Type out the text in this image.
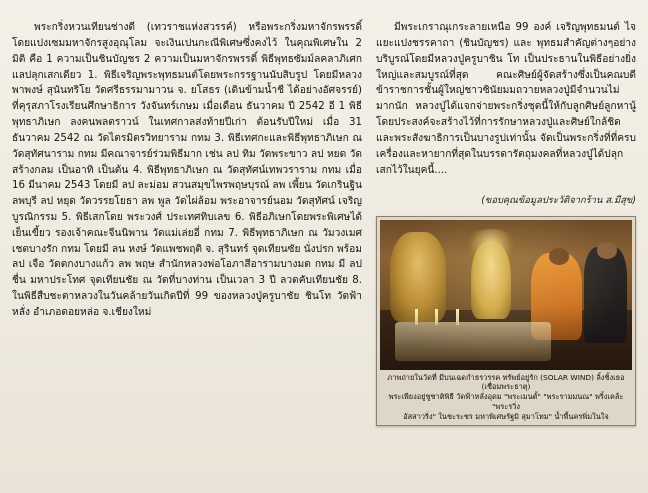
พระกริ่งหวนเทียนช่างดี (เทวราชแห่งสวรรค์) หรือพระกริ่งมหาจักรพรรดิ์โดยแปงเซมมหาจักรสูงอุณุโลม จะเงินเปนกะณีพิเศษซึ่งคงไว้ ในคุณพิเศษใน 2 มิติ คือ 1 ความเป็นชินบัญชร 2 ความเป็นมหาจักรพรรดิ์ พิธีพุทธซัมม์ลคลาภิเศกแลปลุกเสกเดียว 1. พิธีเจริญพระพุทธมนต์โดยพระกรรฐานนับสิบรูป โดยมีหลวงพาพงษ์ สุนันทริโย วัดศรีธรรมามาวน จ. ยโสธร (เดินข้ามน้ำชี ได้อย่างอัศจรรย์) ที่คุรุสภาโรงเรียนศึกษาธิการ วังจันทร์เกษม เมื่อเดือน ธันวาคม ปี 2542 อี 1 พิธี พุทธาภิเษก ลงคนพลตราวน์ ในเทศกาลส่งท้ายปีเก่า ต้อนรับปีใหม่ เมื่อ 31 ธันวาคม 2542 ณ วัดไตรมิตรวิทยาราม กทม 3. พิธีเทศกะและพิธีพุทธาภิเษก ณ วัดสุทัศนาราม กทม มีคณาจารย์ร่วมพิธีมาก เช่น ลป ทิม วัดพระขาว ลป หยด วัดสร้างกลม เป็นอาทิ เป็นต้น 4. พิธีพุทธาภิเษก ณ วัดสุทัศน์เทพวราราม กทม เมื่อ 16 มีนาคม 2543 โดยมี ลป ละม่อม สวนสมุขไพรพฤษบุรณ์ ลพ เพี้ยน วัดเกรินฐิน ลพบุรี ลป หยุด วัดวรรยโยธา ลพ พูล วัดไผ่ล้อม พระอาจารย์นอม วัดสุทัศน์ เจริญบูรณิกรรม 5. พิธีเสกโดย พระวงศ์ ประเทศทิบเลข 6. พิธีอภิเษกโดยพระพิเศษได้ เย็นเขี้ยว รองเจ้าคณะจีนนิพาน วัดแม่เล่ยอี่ กทม 7. พิธีพุทธาภิเษก ณ วัมวงเมศ เชตบางรัก กทม โดยมี ลน หงษ์ วัดแพชพฤติ จ. สุรินทร์ จุดเทียนซัย นั่งปรก พร้อม ลป เจือ วัดดกงบางแก้ว ลพ พฤษ สำนักหลวงพ่อโอภาสีอารามบางมด กทม มี ลป ชื่น มหาประโทศ จุดเทียนชัย ณ วัดที่บางท่าน เป็นเวลา 3 ปี ลวดคับเทียนชัย 8. ในพิธีสืบชะตาหลวงในวันคล้ายวันเกิดปีที่ 99 ของหลวงปู่ครูบาชัย ชินโท วัดฟ้าหลั่ง อำเภอดอยหล่อ จ.เชียงใหม่

มีพระเกราณุเกระลายเหนือ 99 องค์ เจริญพุทธมนต์ ไจแยะแปงชรรคาถา (ชินบัญชร) และ พุทธมสำคัญต่างๆอย่างบริบูรณ์โดยมีหลวงปู่ครูบาชิน โท เป็นประธานในพิธีอย่างยิ่งใหญ่และสมบูรณ์ที่สุด คณะศิษย์ผู้จัดสร้างซึ่งเป็นคณบดีข้าราชการชั้นผู้ใหญ่ชาวซินัยมมถวายหลวงปู่มีจำนวนไม่มากนัก หลวงปู่ได้แจกจ่ายพระกริ่งชุดนี้ให้กับลูกศิษย์ลูกหานู้ โดยประสงค์จะสร้างไว้ที่การรักษาหลวงปู่และศิษย์ใกล้ชิดและพระสังฆาธิการเป็นบางรูปเท่านั้น จัดเป็นพระกริ่งที่ที่ครบเครื่องและหายากที่สุดในบรรดารัตถุมงคลที่หลวงปู่ได้ปลุกเสกไว้ในยุคนี้....

(ขอบคุณข้อมูลประวัติจากร้าน ส.มีสุข)
ภาพถ่ายในวัดที่ มีบนเฉดกำธรวรรค ทรัพย์อยู่รัก (SOLAR WIND) ลิ้งชิ้งเธอ (เชื่อมพระธาตุ)
พระเพียงอยู่ชูชาติพิธี วัดฟ้าหลั่งอุดม "พระเมนตั้" "พระรามมนณ" พริ้งเคล้ะ "พระรวิ่ง
อัสสาวริ่ง" ในชะระชร มหาพิเศษรัฐมิ สุมาโทม" น้ำพื้นครพิ่มในใจ
